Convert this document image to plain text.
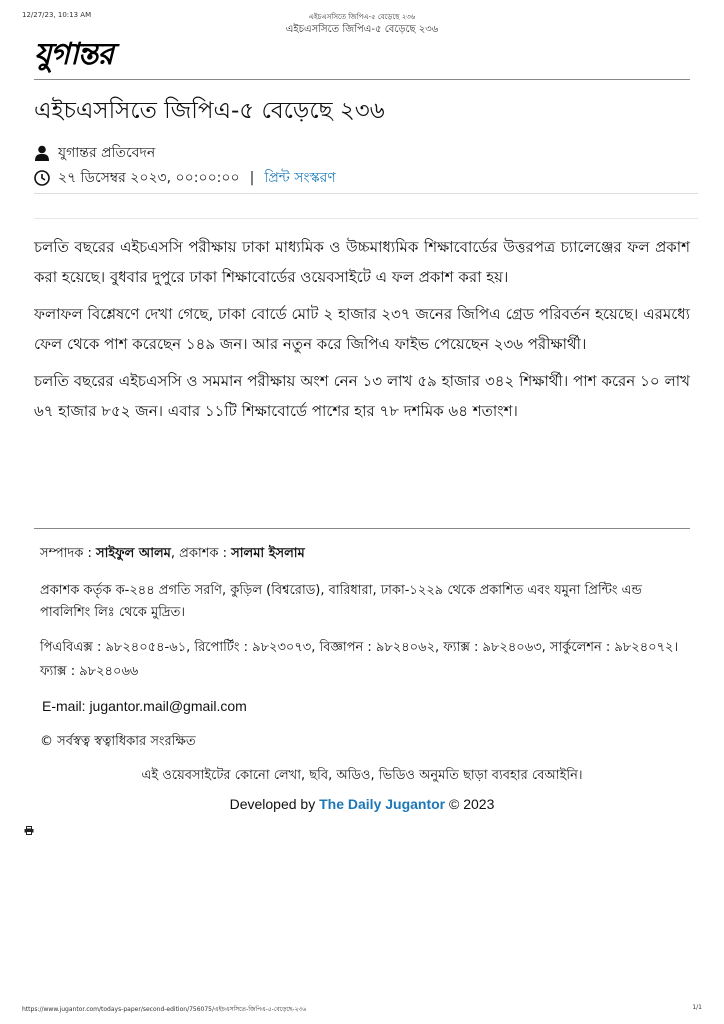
12/27/23, 10:13 AM	এইচএসসিতে জিপিএ-৫ বেড়েছে ২৩৬
এইচএসসিতে জিপিএ-৫ বেড়েছে ২৩৬
যুগান্তর
এইচএসসিতে জিপিএ-৫ বেড়েছে ২৩৬
যুগান্তর প্রতিবেদন
২৭ ডিসেম্বর ২০২৩, ০০:০০:০০ | প্রিন্ট সংস্করণ

চলতি বছরের এইচএসসি পরীক্ষায় ঢাকা মাধ্যমিক ও উচ্চমাধ্যমিক শিক্ষাবোর্ডের উত্তরপত্র চ্যালেঞ্জের ফল প্রকাশ করা হয়েছে। বুধবার দুপুরে ঢাকা শিক্ষাবোর্ডের ওয়েবসাইটে এ ফল প্রকাশ করা হয়।

ফলাফল বিশ্লেষণে দেখা গেছে, ঢাকা বোর্ডে মোট ২ হাজার ২৩৭ জনের জিপিএ গ্রেড পরিবর্তন হয়েছে। এরমধ্যে ফেল থেকে পাশ করেছেন ১৪৯ জন। আর নতুন করে জিপিএ ফাইভ পেয়েছেন ২৩৬ পরীক্ষার্থী।

চলতি বছরের এইচএসসি ও সমমান পরীক্ষায় অংশ নেন ১৩ লাখ ৫৯ হাজার ৩৪২ শিক্ষার্থী। পাশ করেন ১০ লাখ ৬৭ হাজার ৮৫২ জন। এবার ১১টি শিক্ষাবোর্ডে পাশের হার ৭৮ দশমিক ৬৪ শতাংশ।

সম্পাদক : সাইফুল আলম, প্রকাশক : সালমা ইসলাম

প্রকাশক কর্তৃক ক-২৪৪ প্রগতি সরণি, কুড়িল (বিশ্বরোড), বারিধারা, ঢাকা-১২২৯ থেকে প্রকাশিত এবং যমুনা প্রিন্টিং এন্ড পাবলিশিং লিঃ থেকে মুদ্রিত।

পিএবিএক্স : ৯৮২৪০৫৪-৬১, রিপোর্টিং : ৯৮২৩০৭৩, বিজ্ঞাপন : ৯৮২৪০৬২, ফ্যাক্স : ৯৮২৪০৬৩, সার্কুলেশন : ৯৮২৪০৭২। ফ্যাক্স : ৯৮২৪০৬৬

E-mail: jugantor.mail@gmail.com

© সর্বস্বত্ব স্বত্বাধিকার সংরক্ষিত

এই ওয়েবসাইটের কোনো লেখা, ছবি, অডিও, ভিডিও অনুমতি ছাড়া ব্যবহার বেআইনি।

Developed by The Daily Jugantor © 2023

https://www.jugantor.com/todays-paper/second-edition/756075/এইচএসসিতে-জিপিএ-৫-বেড়েছে-২৩৬	1/1
